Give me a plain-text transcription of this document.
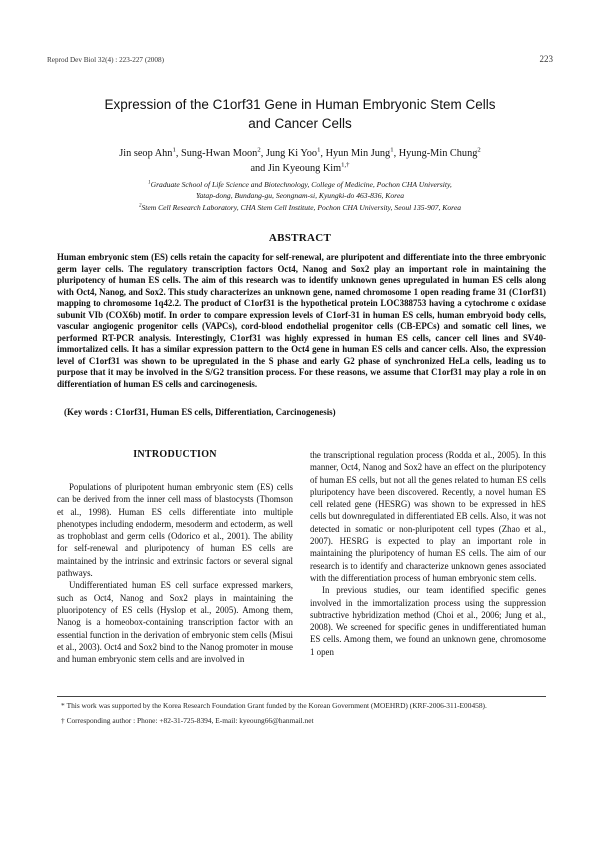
Reprod Dev Biol 32(4) : 223-227 (2008)	223
Expression of the C1orf31 Gene in Human Embryonic Stem Cells
and Cancer Cells
Jin seop Ahn$^1$, Sung-Hwan Moon$^2$, Jung Ki Yoo$^1$, Hyun Min Jung$^1$, Hyung-Min Chung$^2$
and Jin Kyeoung Kim$^{1,\dagger}$
$^1$Graduate School of Life Science and Biotechnology, College of Medicine, Pochon CHA University,
Yatap-dong, Bundang-gu, Seongnam-si, Kyungki-do 463-836, Korea
$^2$Stem Cell Research Laboratory, CHA Stem Cell Institute, Pochon CHA University, Seoul 135-907, Korea
ABSTRACT

Human embryonic stem (ES) cells retain the capacity for self-renewal, are pluripotent and differentiate into the three embryonic germ layer cells. The regulatory transcription factors Oct4, Nanog and Sox2 play an important role in maintaining the pluripotency of human ES cells. The aim of this research was to identify unknown genes upregulated in human ES cells along with Oct4, Nanog, and Sox2. This study characterizes an unknown gene, named chromosome 1 open reading frame 31 (C1orf31) mapping to chromosome 1q42.2. The product of C1orf31 is the hypothetical protein LOC388753 having a cytochrome c oxidase subunit VIb (COX6b) motif. In order to compare expression levels of C1orf-31 in human ES cells, human embryoid body cells, vascular angiogenic progenitor cells (VAPCs), cord-blood endothelial progenitor cells (CB-EPCs) and somatic cell lines, we performed RT-PCR analysis. Interestingly, C1orf31 was highly expressed in human ES cells, cancer cell lines and SV40-immortalized cells. It has a similar expression pattern to the Oct4 gene in human ES cells and cancer cells. Also, the expression level of C1orf31 was shown to be upregulated in the S phase and early G2 phase of synchronized HeLa cells, leading us to purpose that it may be involved in the S/G2 transition process. For these reasons, we assume that C1orf31 may play a role in on differentiation of human ES cells and carcinogenesis.

(Key words : C1orf31, Human ES cells, Differentiation, Carcinogenesis)
INTRODUCTION

Populations of pluripotent human embryonic stem (ES) cells can be derived from the inner cell mass of blastocysts (Thomson et al., 1998). Human ES cells differentiate into multiple phenotypes including endoderm, mesoderm and ectoderm, as well as trophoblast and germ cells (Odorico et al., 2001). The ability for self-renewal and pluripotency of human ES cells are maintained by the intrinsic and extrinsic factors or several signal pathways.

Undifferentiated human ES cell surface expressed markers, such as Oct4, Nanog and Sox2 plays in maintaining the pluoripotency of ES cells (Hyslop et al., 2005). Among them, Nanog is a homeobox-containing transcription factor with an essential function in the derivation of embryonic stem cells (Misui et al., 2003). Oct4 and Sox2 bind to the Nanog promoter in mouse and human embryonic stem cells and are involved in

the transcriptional regulation process (Rodda et al., 2005). In this manner, Oct4, Nanog and Sox2 have an effect on the pluripotency of human ES cells, but not all the genes related to human ES cells pluripotency have been discovered. Recently, a novel human ES cell related gene (HESRG) was shown to be expressed in hES cells but downregulated in differentiated EB cells. Also, it was not detected in somatic or non-pluripotent cell types (Zhao et al., 2007). HESRG is expected to play an important role in maintaining the pluripotency of human ES cells. The aim of our research is to identify and characterize unknown genes associated with the differentiation process of human embryonic stem cells.

In previous studies, our team identified specific genes involved in the immortalization process using the suppression subtractive hybridization method (Choi et al., 2006; Jung et al., 2008). We screened for specific genes in undifferentiated human ES cells. Among them, we found an unknown gene, chromosome 1 open

* This work was supported by the Korea Research Foundation Grant funded by the Korean Government (MOEHRD) (KRF-2006-311-E00458).

† Corresponding author : Phone: +82-31-725-8394, E-mail: kyeoung66@hanmail.net
